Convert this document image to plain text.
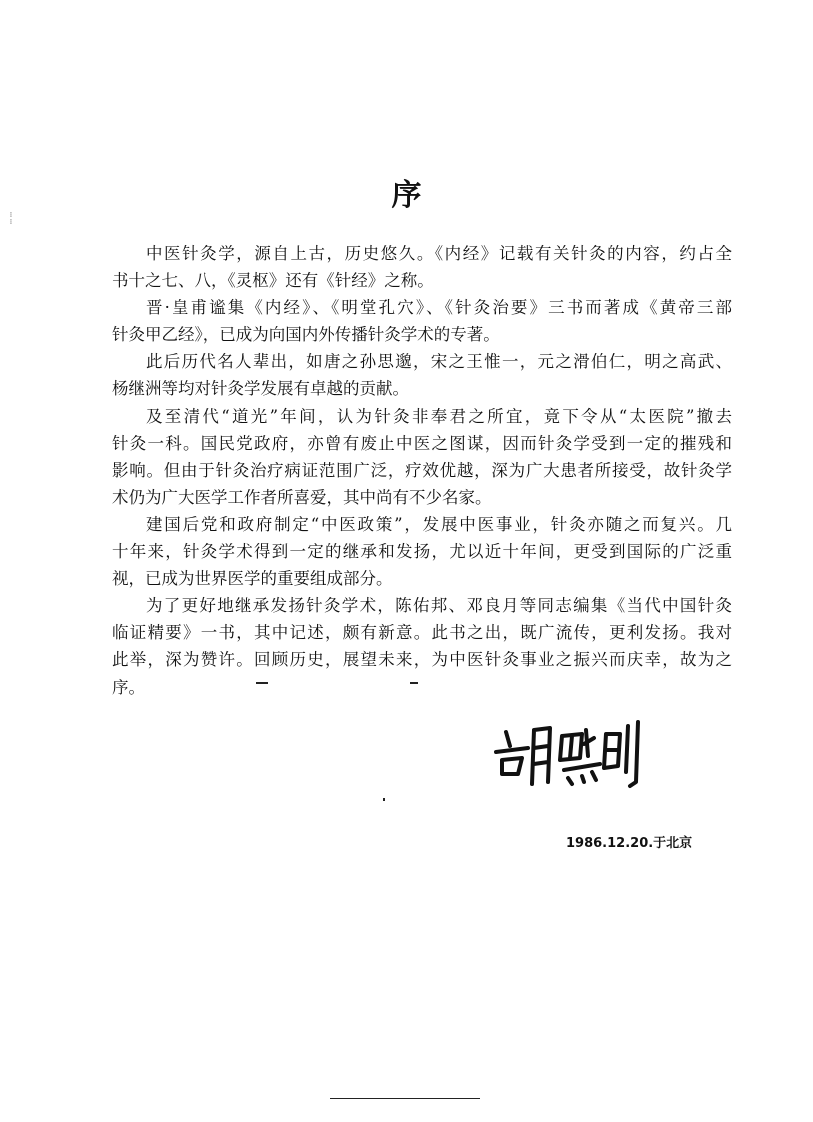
⁞
⁞
序
中医针灸学，源自上古，历史悠久。《内经》记载有关针灸的内容，约占全
书十之七、八，《灵枢》还有《针经》之称。
晋·皇甫谧集《内经》、《明堂孔穴》、《针灸治要》三书而著成《黄帝三部
针灸甲乙经》，已成为向国内外传播针灸学术的专著。
此后历代名人辈出，如唐之孙思邈，宋之王惟一，元之滑伯仁，明之高武、
杨继洲等均对针灸学发展有卓越的贡献。
及至清代“道光”年间，认为针灸非奉君之所宜，竟下令从“太医院”撤去
针灸一科。国民党政府，亦曾有废止中医之图谋，因而针灸学受到一定的摧残和
影响。但由于针灸治疗病证范围广泛，疗效优越，深为广大患者所接受，故针灸学
术仍为广大医学工作者所喜爱，其中尚有不少名家。
建国后党和政府制定“中医政策”，发展中医事业，针灸亦随之而复兴。几
十年来，针灸学术得到一定的继承和发扬，尤以近十年间，更受到国际的广泛重
视，已成为世界医学的重要组成部分。
为了更好地继承发扬针灸学术，陈佑邦、邓良月等同志编集《当代中国针灸
临证精要》一书，其中记述，颇有新意。此书之出，既广流传，更利发扬。我对
此举，深为赞许。回顾历史，展望未来，为中医针灸事业之振兴而庆幸，故为之
序。
1986.12.20.于北京
